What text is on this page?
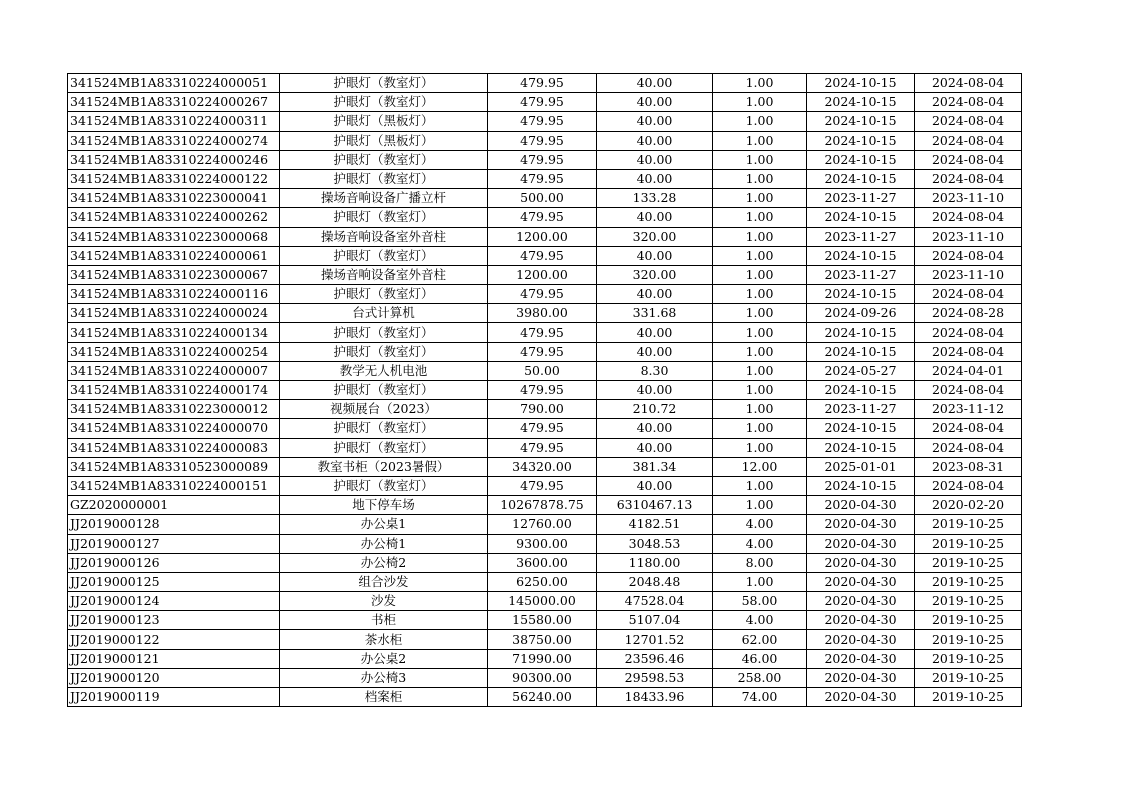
341524MB1A83310224000051	护眼灯（教室灯）	479.95	40.00	1.00	2024-10-15	2024-08-04
341524MB1A83310224000267	护眼灯（教室灯）	479.95	40.00	1.00	2024-10-15	2024-08-04
341524MB1A83310224000311	护眼灯（黑板灯）	479.95	40.00	1.00	2024-10-15	2024-08-04
341524MB1A83310224000274	护眼灯（黑板灯）	479.95	40.00	1.00	2024-10-15	2024-08-04
341524MB1A83310224000246	护眼灯（教室灯）	479.95	40.00	1.00	2024-10-15	2024-08-04
341524MB1A83310224000122	护眼灯（教室灯）	479.95	40.00	1.00	2024-10-15	2024-08-04
341524MB1A83310223000041	操场音响设备广播立杆	500.00	133.28	1.00	2023-11-27	2023-11-10
341524MB1A83310224000262	护眼灯（教室灯）	479.95	40.00	1.00	2024-10-15	2024-08-04
341524MB1A83310223000068	操场音响设备室外音柱	1200.00	320.00	1.00	2023-11-27	2023-11-10
341524MB1A83310224000061	护眼灯（教室灯）	479.95	40.00	1.00	2024-10-15	2024-08-04
341524MB1A83310223000067	操场音响设备室外音柱	1200.00	320.00	1.00	2023-11-27	2023-11-10
341524MB1A83310224000116	护眼灯（教室灯）	479.95	40.00	1.00	2024-10-15	2024-08-04
341524MB1A83310224000024	台式计算机	3980.00	331.68	1.00	2024-09-26	2024-08-28
341524MB1A83310224000134	护眼灯（教室灯）	479.95	40.00	1.00	2024-10-15	2024-08-04
341524MB1A83310224000254	护眼灯（教室灯）	479.95	40.00	1.00	2024-10-15	2024-08-04
341524MB1A83310224000007	教学无人机电池	50.00	8.30	1.00	2024-05-27	2024-04-01
341524MB1A83310224000174	护眼灯（教室灯）	479.95	40.00	1.00	2024-10-15	2024-08-04
341524MB1A83310223000012	视频展台（2023）	790.00	210.72	1.00	2023-11-27	2023-11-12
341524MB1A83310224000070	护眼灯（教室灯）	479.95	40.00	1.00	2024-10-15	2024-08-04
341524MB1A83310224000083	护眼灯（教室灯）	479.95	40.00	1.00	2024-10-15	2024-08-04
341524MB1A83310523000089	教室书柜（2023暑假）	34320.00	381.34	12.00	2025-01-01	2023-08-31
341524MB1A83310224000151	护眼灯（教室灯）	479.95	40.00	1.00	2024-10-15	2024-08-04
GZ2020000001	地下停车场	10267878.75	6310467.13	1.00	2020-04-30	2020-02-20
JJ2019000128	办公桌1	12760.00	4182.51	4.00	2020-04-30	2019-10-25
JJ2019000127	办公椅1	9300.00	3048.53	4.00	2020-04-30	2019-10-25
JJ2019000126	办公椅2	3600.00	1180.00	8.00	2020-04-30	2019-10-25
JJ2019000125	组合沙发	6250.00	2048.48	1.00	2020-04-30	2019-10-25
JJ2019000124	沙发	145000.00	47528.04	58.00	2020-04-30	2019-10-25
JJ2019000123	书柜	15580.00	5107.04	4.00	2020-04-30	2019-10-25
JJ2019000122	茶水柜	38750.00	12701.52	62.00	2020-04-30	2019-10-25
JJ2019000121	办公桌2	71990.00	23596.46	46.00	2020-04-30	2019-10-25
JJ2019000120	办公椅3	90300.00	29598.53	258.00	2020-04-30	2019-10-25
JJ2019000119	档案柜	56240.00	18433.96	74.00	2020-04-30	2019-10-25
